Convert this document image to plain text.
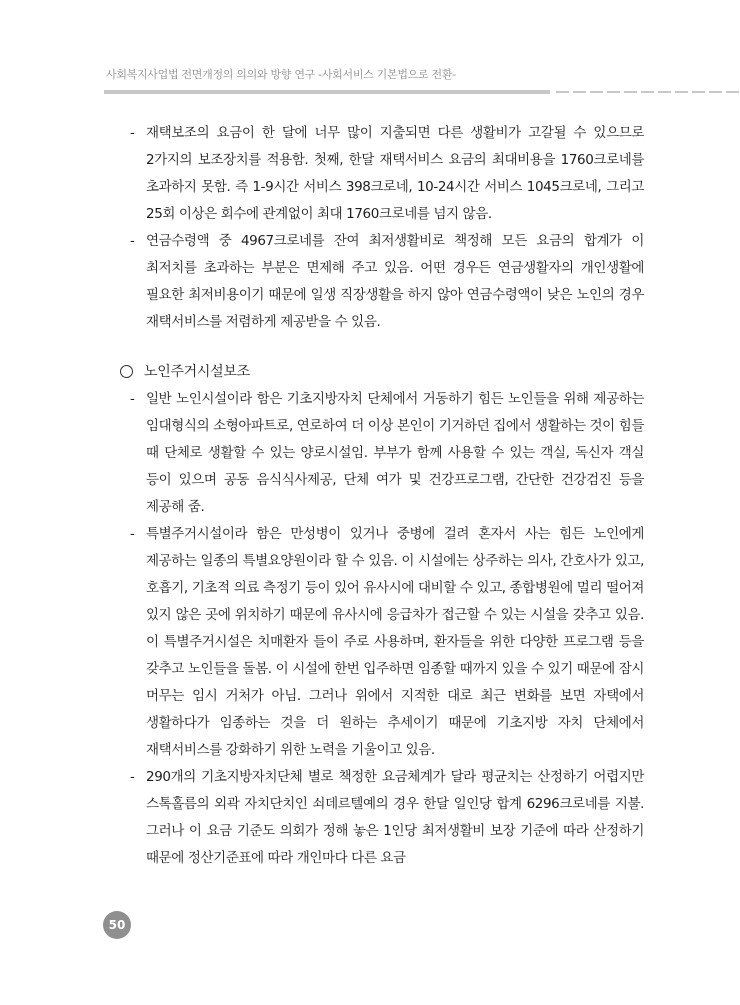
사회복지사업법 전면개정의 의의와 방향 연구 -사회서비스 기본법으로 전환-
- 재택보조의 요금이 한 달에 너무 많이 지출되면 다른 생활비가 고갈될 수 있으므로 2가지의 보조장치를 적용함. 첫째, 한달 재택서비스 요금의 최대비용을 1760크로네를 초과하지 못함. 즉 1-9시간 서비스 398크로네, 10-24시간 서비스 1045크로네, 그리고 25회 이상은 회수에 관계없이 최대 1760크로네를 넘지 않음.
- 연금수령액 중 4967크로네를 잔여 최저생활비로 책정해 모든 요금의 합계가 이 최저치를 초과하는 부분은 면제해 주고 있음. 어떤 경우든 연금생활자의 개인생활에 필요한 최저비용이기 때문에 일생 직장생활을 하지 않아 연금수령액이 낮은 노인의 경우 재택서비스를 저렴하게 제공받을 수 있음.
노인주거시설보조
- 일반 노인시설이라 함은 기초지방자치 단체에서 거동하기 힘든 노인들을 위해 제공하는 임대형식의 소형아파트로, 연로하여 더 이상 본인이 기거하던 집에서 생활하는 것이 힘들 때 단체로 생활할 수 있는 양로시설임. 부부가 함께 사용할 수 있는 객실, 독신자 객실 등이 있으며 공동 음식식사제공, 단체 여가 및 건강프로그램, 간단한 건강검진 등을 제공해 줌.
- 특별주거시설이라 함은 만성병이 있거나 중병에 걸려 혼자서 사는 힘든 노인에게 제공하는 일종의 특별요양원이라 할 수 있음. 이 시설에는 상주하는 의사, 간호사가 있고, 호흡기, 기초적 의료 측정기 등이 있어 유사시에 대비할 수 있고, 종합병원에 멀리 떨어져 있지 않은 곳에 위치하기 때문에 유사시에 응급차가 접근할 수 있는 시설을 갖추고 있음. 이 특별주거시설은 치매환자 들이 주로 사용하며, 환자들을 위한 다양한 프로그램 등을 갖추고 노인들을 돌봄. 이 시설에 한번 입주하면 임종할 때까지 있을 수 있기 때문에 잠시 머무는 임시 거처가 아님. 그러나 위에서 지적한 대로 최근 변화를 보면 자택에서 생활하다가 임종하는 것을 더 원하는 추세이기 때문에 기초지방 자치 단체에서 재택서비스를 강화하기 위한 노력을 기울이고 있음.
- 290개의 기초지방자치단체 별로 책정한 요금체계가 달라 평균치는 산정하기 어렵지만 스톡홀름의 외곽 자치단치인 쇠데르텔예의 경우 한달 일인당 합계 6296크로네를 지불. 그러나 이 요금 기준도 의회가 정해 놓은 1인당 최저생활비 보장 기준에 따라 산정하기 때문에 정산기준표에 따라 개인마다 다른 요금
50
